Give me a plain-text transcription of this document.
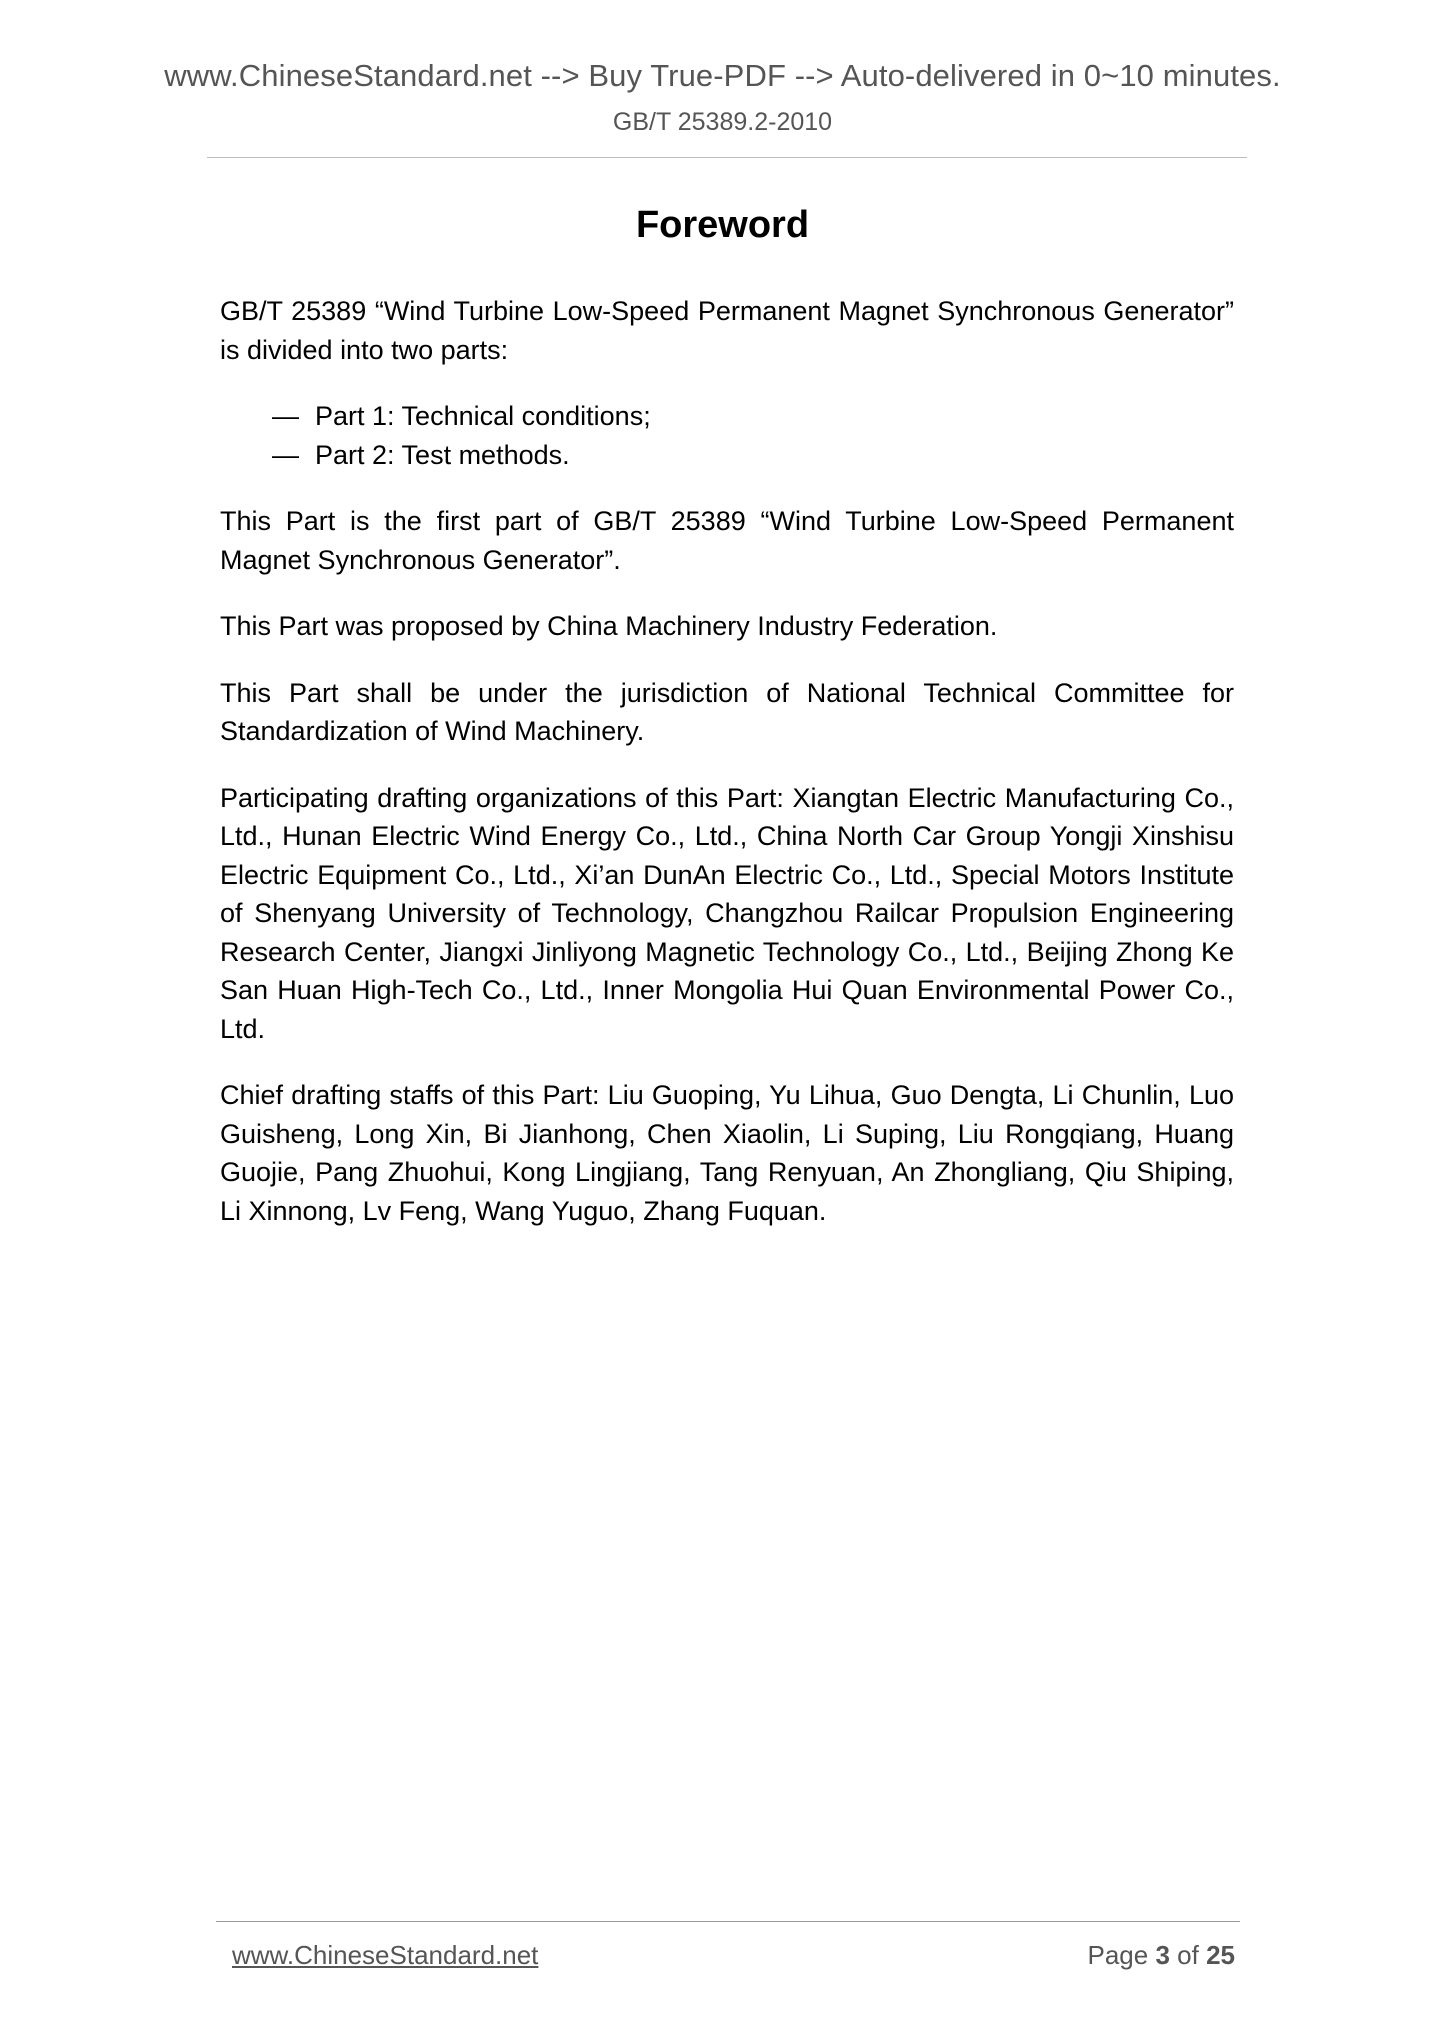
www.ChineseStandard.net --> Buy True-PDF --> Auto-delivered in 0~10 minutes.
GB/T 25389.2-2010
Foreword

GB/T 25389 “Wind Turbine Low-Speed Permanent Magnet Synchronous Generator” is divided into two parts:

— Part 1: Technical conditions;
— Part 2: Test methods.

This Part is the first part of GB/T 25389 “Wind Turbine Low-Speed Permanent Magnet Synchronous Generator”.

This Part was proposed by China Machinery Industry Federation.

This Part shall be under the jurisdiction of National Technical Committee for Standardization of Wind Machinery.

Participating drafting organizations of this Part: Xiangtan Electric Manufacturing Co., Ltd., Hunan Electric Wind Energy Co., Ltd., China North Car Group Yongji Xinshisu Electric Equipment Co., Ltd., Xi’an DunAn Electric Co., Ltd., Special Motors Institute of Shenyang University of Technology, Changzhou Railcar Propulsion Engineering Research Center, Jiangxi Jinliyong Magnetic Technology Co., Ltd., Beijing Zhong Ke San Huan High-Tech Co., Ltd., Inner Mongolia Hui Quan Environmental Power Co., Ltd.

Chief drafting staffs of this Part: Liu Guoping, Yu Lihua, Guo Dengta, Li Chunlin, Luo Guisheng, Long Xin, Bi Jianhong, Chen Xiaolin, Li Suping, Liu Rongqiang, Huang Guojie, Pang Zhuohui, Kong Lingjiang, Tang Renyuan, An Zhongliang, Qiu Shiping, Li Xinnong, Lv Feng, Wang Yuguo, Zhang Fuquan.

www.ChineseStandard.net	Page 3 of 25
